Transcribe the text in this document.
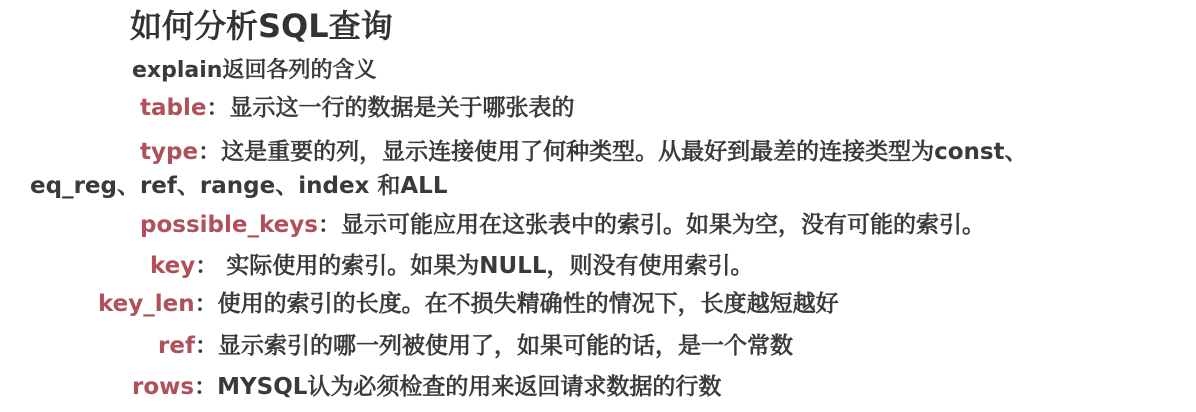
如何分析SQL查询
explain返回各列的含义
table：显示这一行的数据是关于哪张表的
type：这是重要的列，显示连接使用了何种类型。从最好到最差的连接类型为const、
eq_reg、ref、range、index 和ALL
possible_keys：显示可能应用在这张表中的索引。如果为空，没有可能的索引。
key： 实际使用的索引。如果为NULL，则没有使用索引。
key_len：使用的索引的长度。在不损失精确性的情况下，长度越短越好
ref：显示索引的哪一列被使用了，如果可能的话，是一个常数
rows：MYSQL认为必须检查的用来返回请求数据的行数
